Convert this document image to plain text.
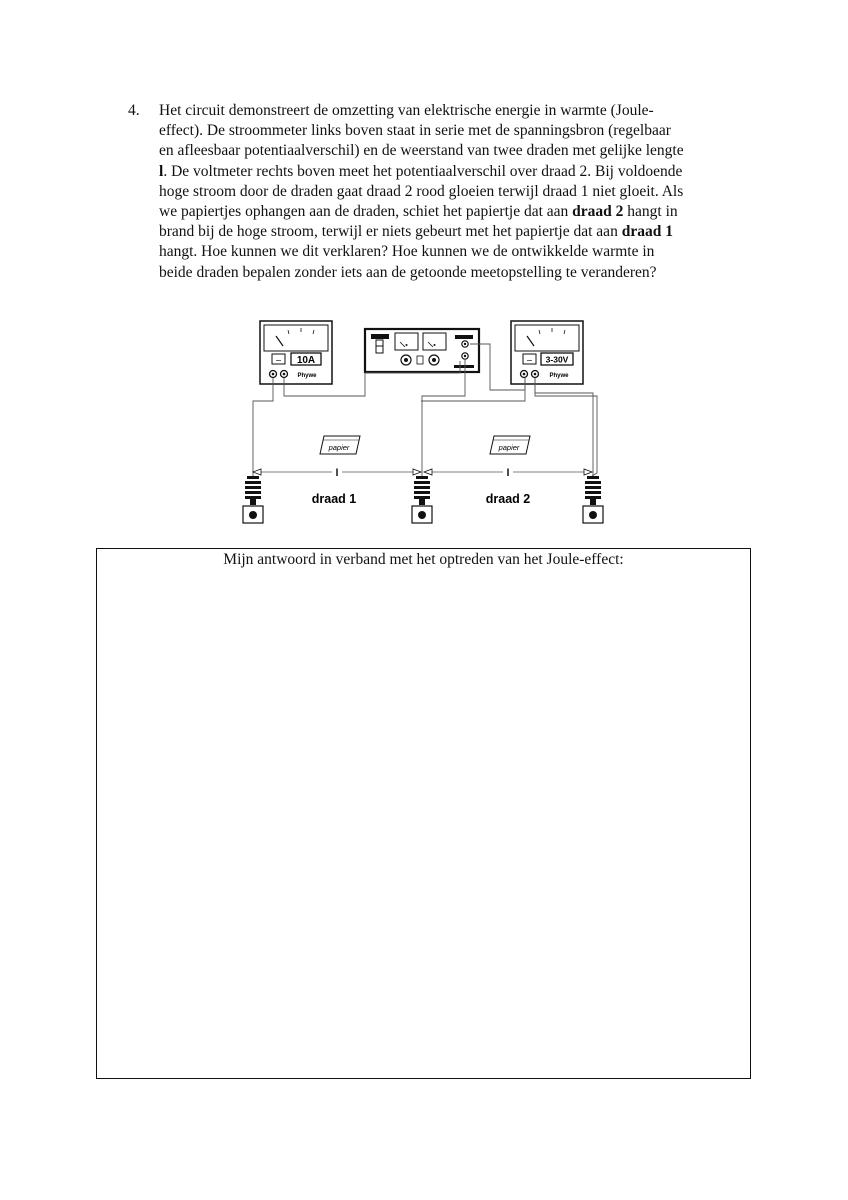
4.	Het circuit demonstreert de omzetting van elektrische energie in warmte (Joule-
effect). De stroommeter links boven staat in serie met de spanningsbron (regelbaar
en afleesbaar potentiaalverschil) en de weerstand van twee draden met gelijke lengte
l. De voltmeter rechts boven meet het potentiaalverschil over draad 2. Bij voldoende
hoge stroom door de draden gaat draad 2 rood gloeien terwijl draad 1 niet gloeit. Als
we papiertjes ophangen aan de draden, schiet het papiertje dat aan draad 2 hangt in
brand bij de hoge stroom, terwijl er niets gebeurt met het papiertje dat aan draad 1
hangt. Hoe kunnen we dit verklaren? Hoe kunnen we de ontwikkelde warmte in
beide draden bepalen zonder iets aan de getoonde meetopstelling te veranderen?
– 10A
Phywe
– 3-30V
Phywe
l	l
papier	papier
draad 1	draad 2
Mijn antwoord in verband met het optreden van het Joule-effect:
